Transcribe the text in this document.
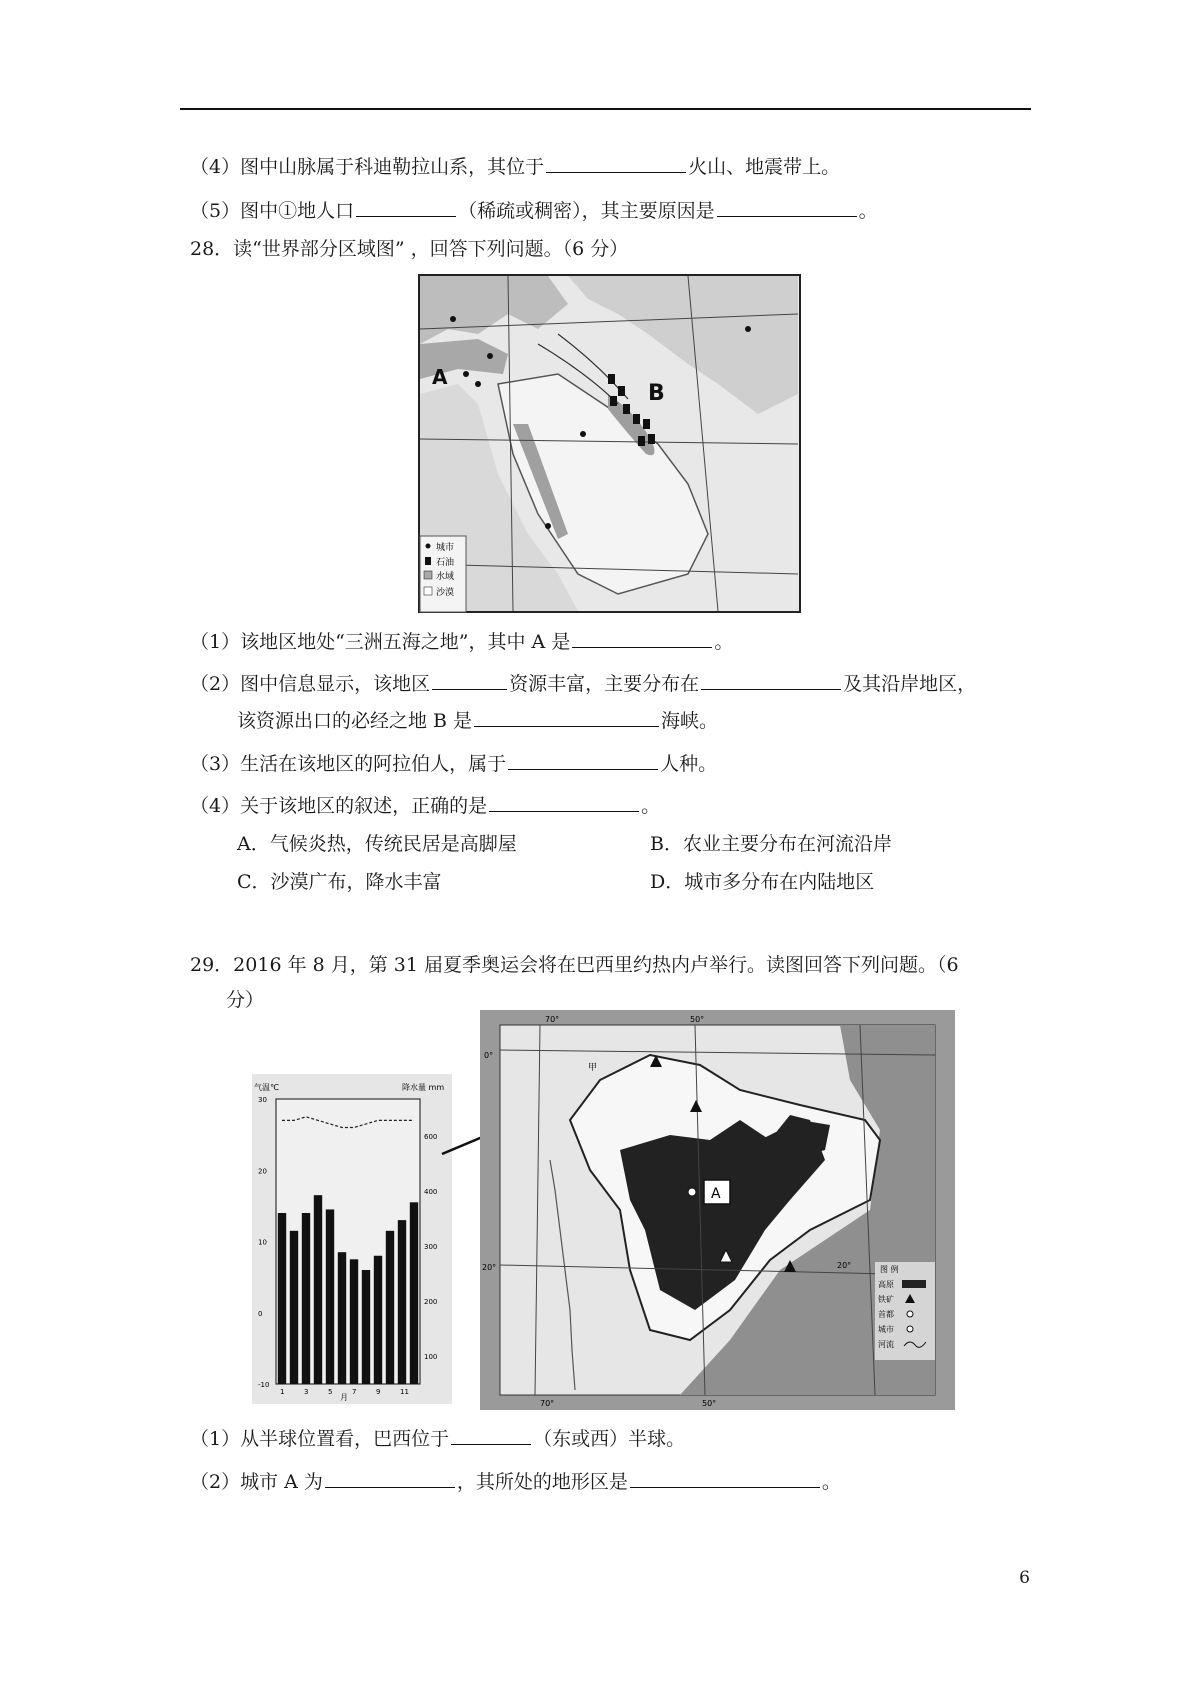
（4）图中山脉属于科迪勒拉山系，其位于	火山、地震带上。
（5）图中①地人口	（稀疏或稠密），其主要原因是	。
28．读“世界部分区域图” ，回答下列问题。（6 分）
A
B
城市
石油
水域
沙漠
（1）该地区地处“三洲五海之地”，其中 A 是	。
（2）图中信息显示，该地区	资源丰富，主要分布在	及其沿岸地区，
该资源出口的必经之地 B 是	海峡。
（3）生活在该地区的阿拉伯人，属于	人种。
（4）关于该地区的叙述，正确的是	。
A．气候炎热，传统民居是高脚屋	B．农业主要分布在河流沿岸
C．沙漠广布，降水丰富	D．城市多分布在内陆地区
29．2016 年 8 月，第 31 届夏季奥运会将在巴西里约热内卢举行。读图回答下列问题。（6
分）
气温℃	降水量 mm
30
20
10
0
-10
600
400
300
200
100
1	3	5	7	9	11
月
A
甲
70°	50°
70°	50°
0°
20°	20°	图 例
高原
铁矿
首都
城市
河流
（1）从半球位置看，巴西位于	（东或西）半球。
（2）城市 A 为	，其所处的地形区是	。
6
